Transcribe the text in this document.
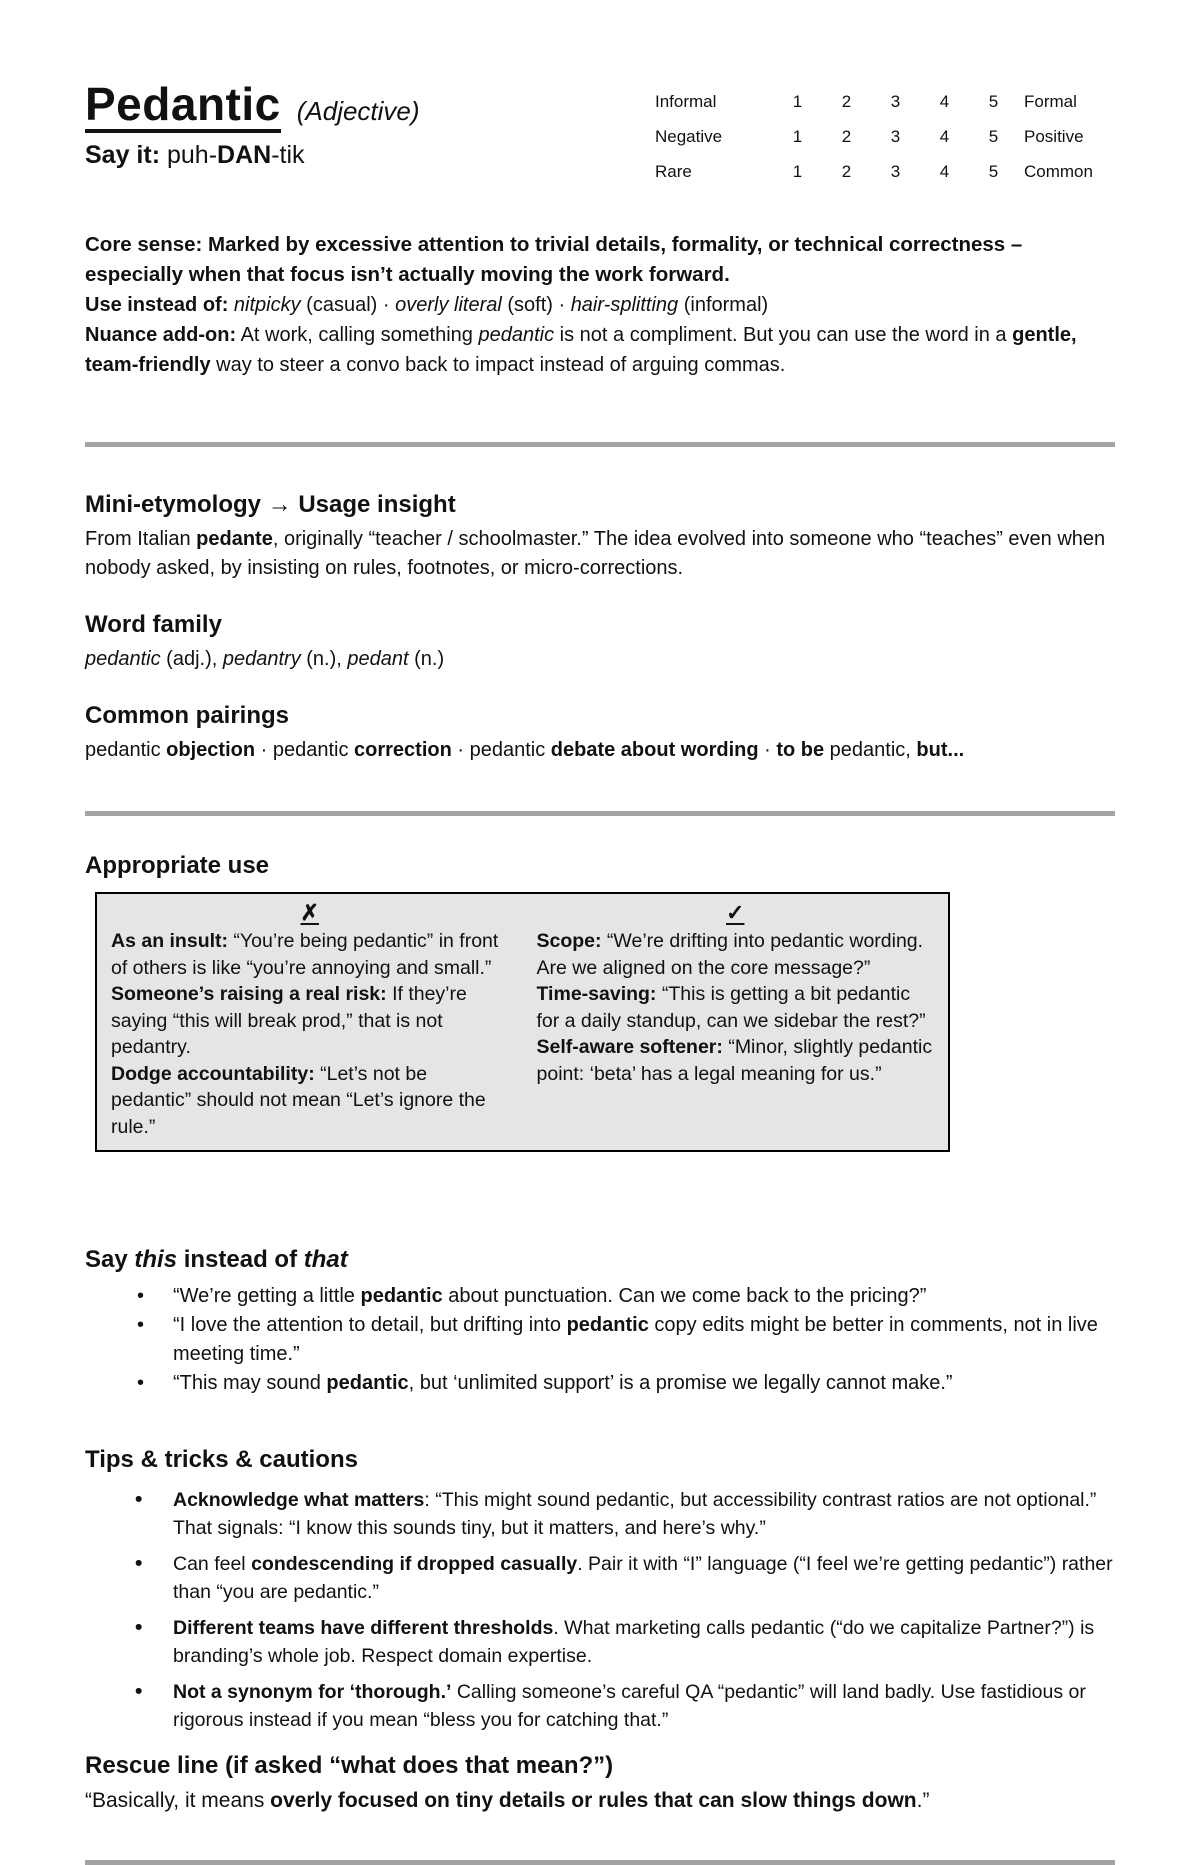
Pedantic (Adjective)
Say it: puh-DAN-tik
Informal	1	2	3	4	5	Formal
Negative	1	2	3	4	5	Positive
Rare	1	2	3	4	5	Common

Core sense: Marked by excessive attention to trivial details, formality, or technical correctness – especially when that focus isn’t actually moving the work forward.

Use instead of: nitpicky (casual) · overly literal (soft) · hair-splitting (informal)

Nuance add-on: At work, calling something pedantic is not a compliment. But you can use the word in a gentle, team-friendly way to steer a convo back to impact instead of arguing commas.

Mini-etymology → Usage insight

From Italian pedante, originally “teacher / schoolmaster.” The idea evolved into someone who “teaches” even when nobody asked, by insisting on rules, footnotes, or micro-corrections.

Word family

pedantic (adj.), pedantry (n.), pedant (n.)

Common pairings

pedantic objection · pedantic correction · pedantic debate about wording · to be pedantic, but...

Appropriate use
✗	✓

As an insult: “You’re being pedantic” in front of others is like “you’re annoying and small.”

Someone’s raising a real risk: If they’re saying “this will break prod,” that is not pedantry.

Dodge accountability: “Let’s not be pedantic” should not mean “Let’s ignore the rule.”

Scope: “We’re drifting into pedantic wording. Are we aligned on the core message?”

Time-saving: “This is getting a bit pedantic for a daily standup, can we sidebar the rest?”

Self-aware softener: “Minor, slightly pedantic point: ‘beta’ has a legal meaning for us.”

Say this instead of that
• “We’re getting a little pedantic about punctuation. Can we come back to the pricing?”
• “I love the attention to detail, but drifting into pedantic copy edits might be better in comments, not in live meeting time.”
• “This may sound pedantic, but ‘unlimited support’ is a promise we legally cannot make.”
Tips & tricks & cautions
• Acknowledge what matters: “This might sound pedantic, but accessibility contrast ratios are not optional.” That signals: “I know this sounds tiny, but it matters, and here’s why.”
• Can feel condescending if dropped casually. Pair it with “I” language (“I feel we’re getting pedantic”) rather than “you are pedantic.”
• Different teams have different thresholds. What marketing calls pedantic (“do we capitalize Partner?”) is branding’s whole job. Respect domain expertise.
• Not a synonym for ‘thorough.’ Calling someone’s careful QA “pedantic” will land badly. Use fastidious or rigorous instead if you mean “bless you for catching that.”
Rescue line (if asked “what does that mean?”)

“Basically, it means overly focused on tiny details or rules that can slow things down.”
